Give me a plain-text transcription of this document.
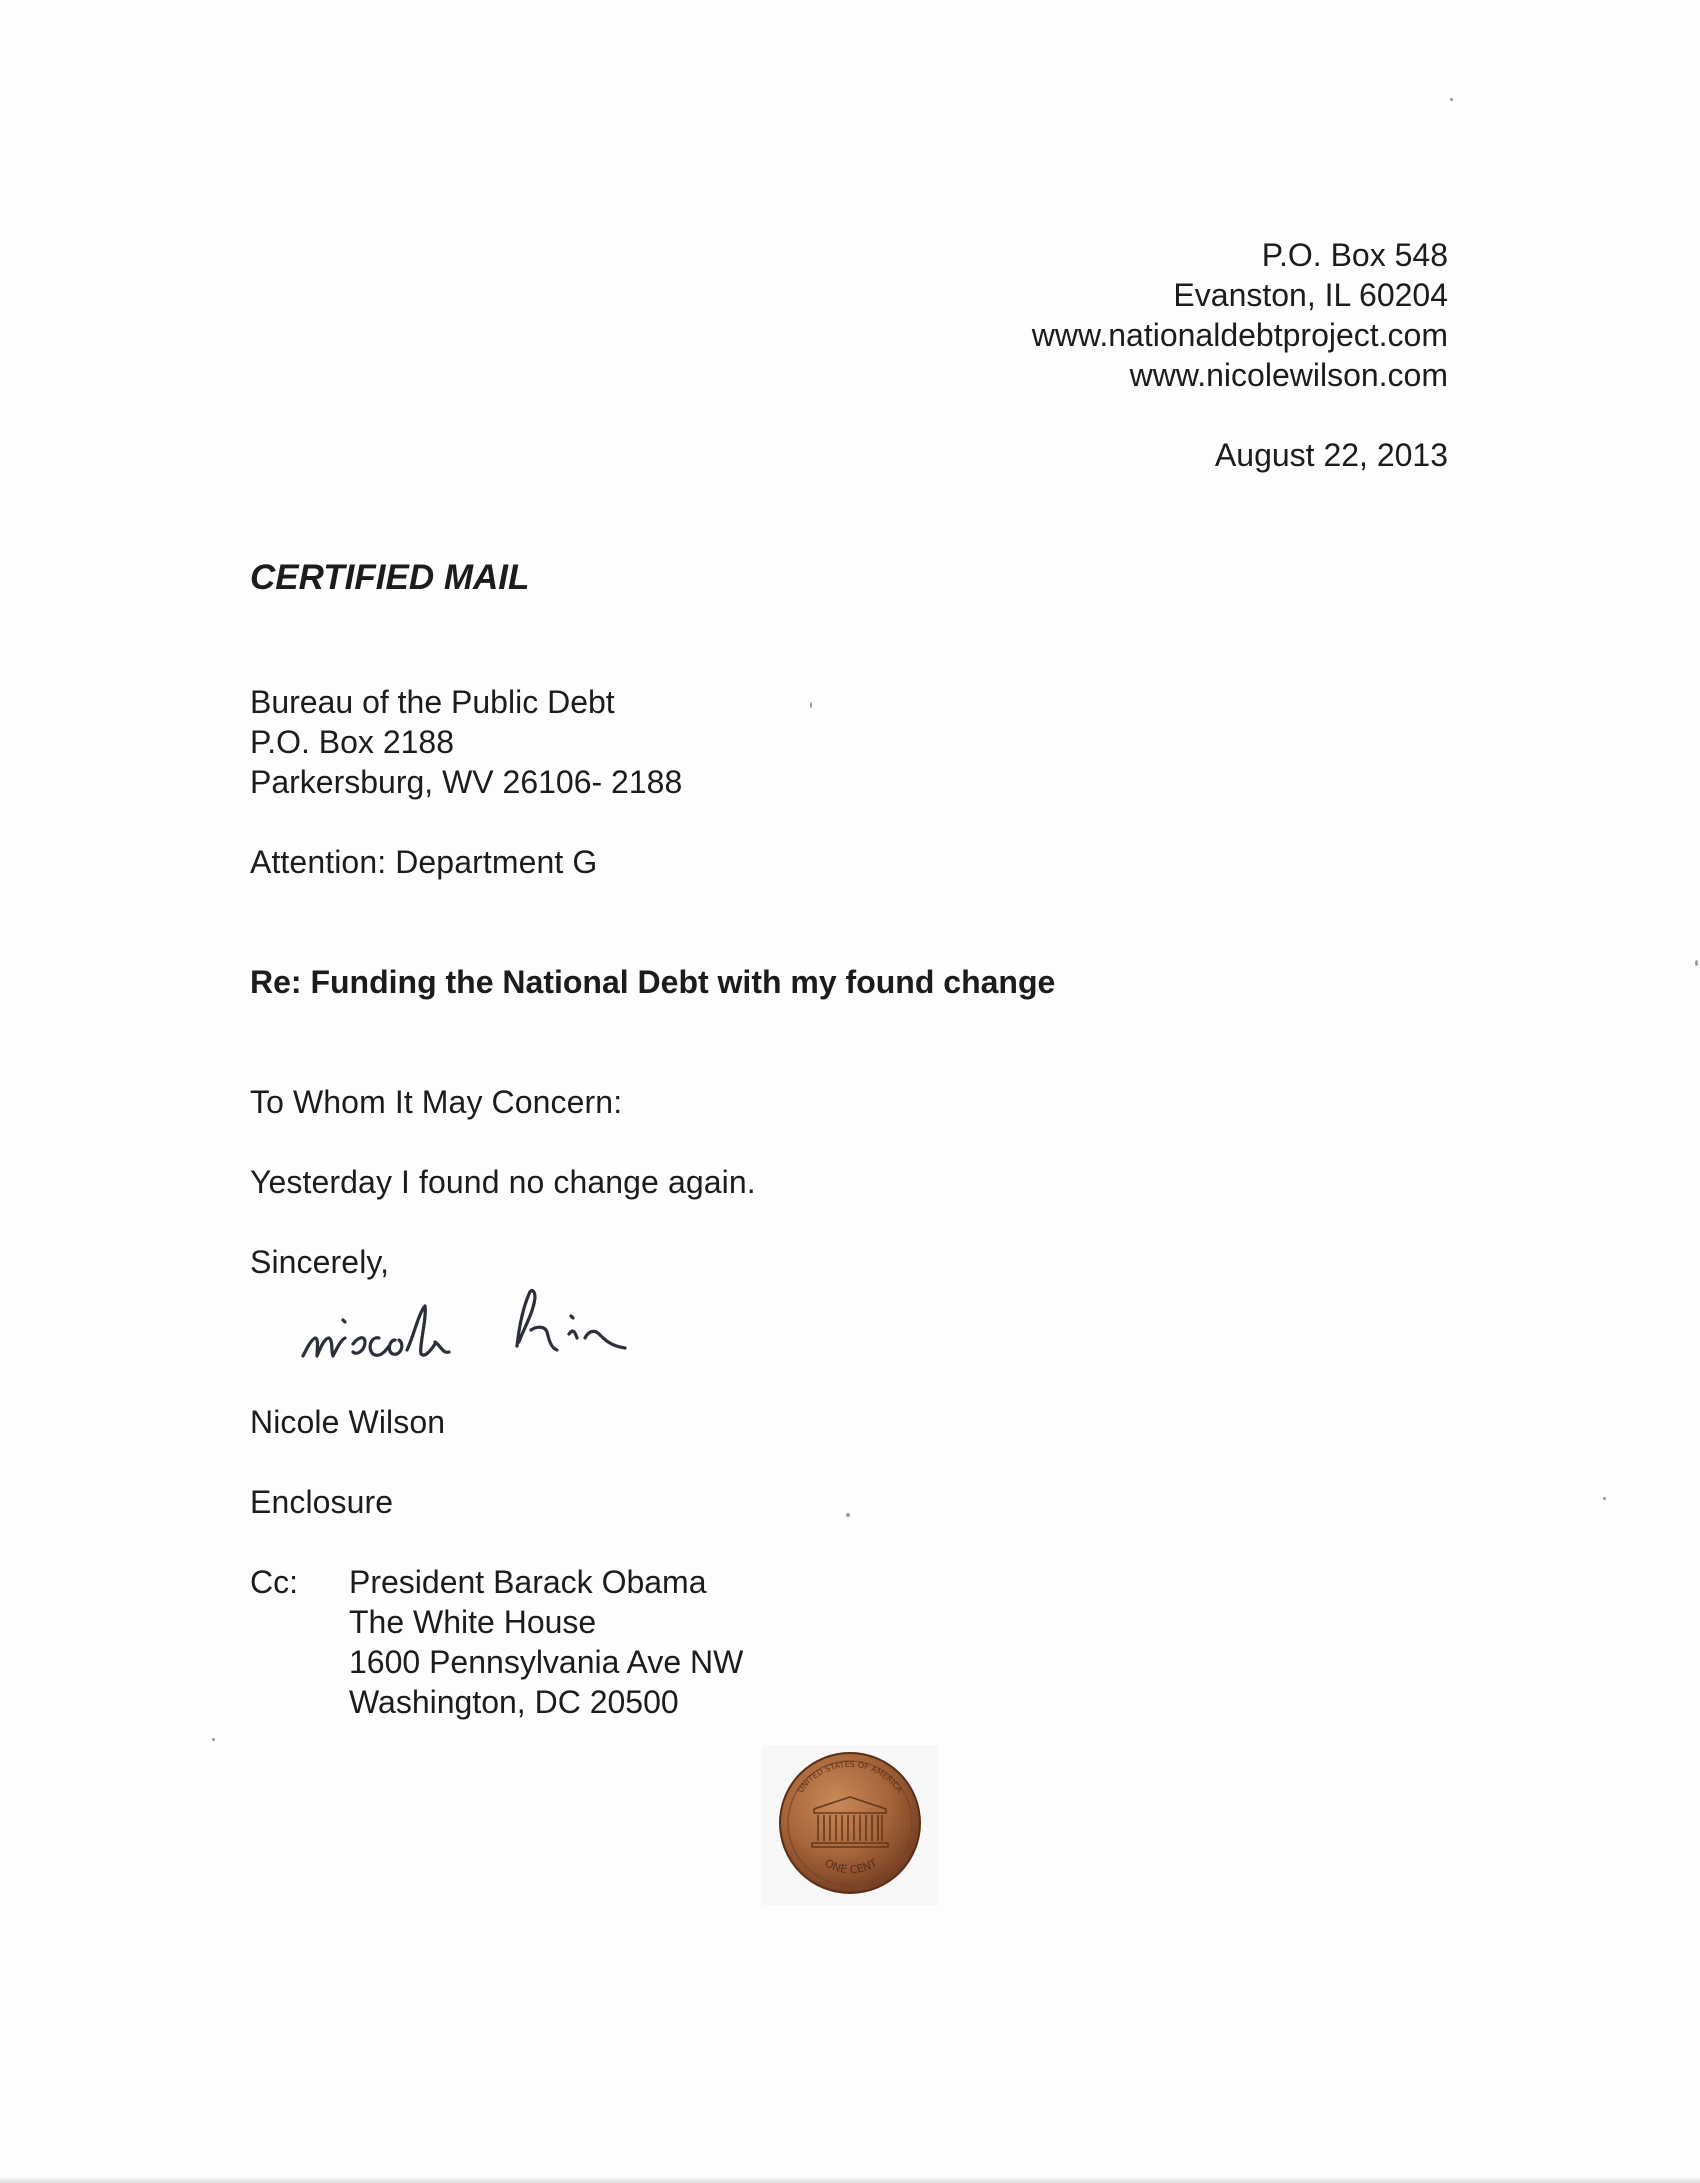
P.O. Box 548
Evanston, IL 60204
www.nationaldebtproject.com
www.nicolewilson.com
August 22, 2013
CERTIFIED MAIL
Bureau of the Public Debt
P.O. Box 2188
Parkersburg, WV 26106- 2188
Attention: Department G
Re: Funding the National Debt with my found change
To Whom It May Concern:
Yesterday I found no change again.
Sincerely,
Nicole Wilson
Enclosure
Cc: President Barack Obama
The White House
1600 Pennsylvania Ave NW
Washington, DC 20500
UNITED STATES OF AMERICA
ONE CENT
